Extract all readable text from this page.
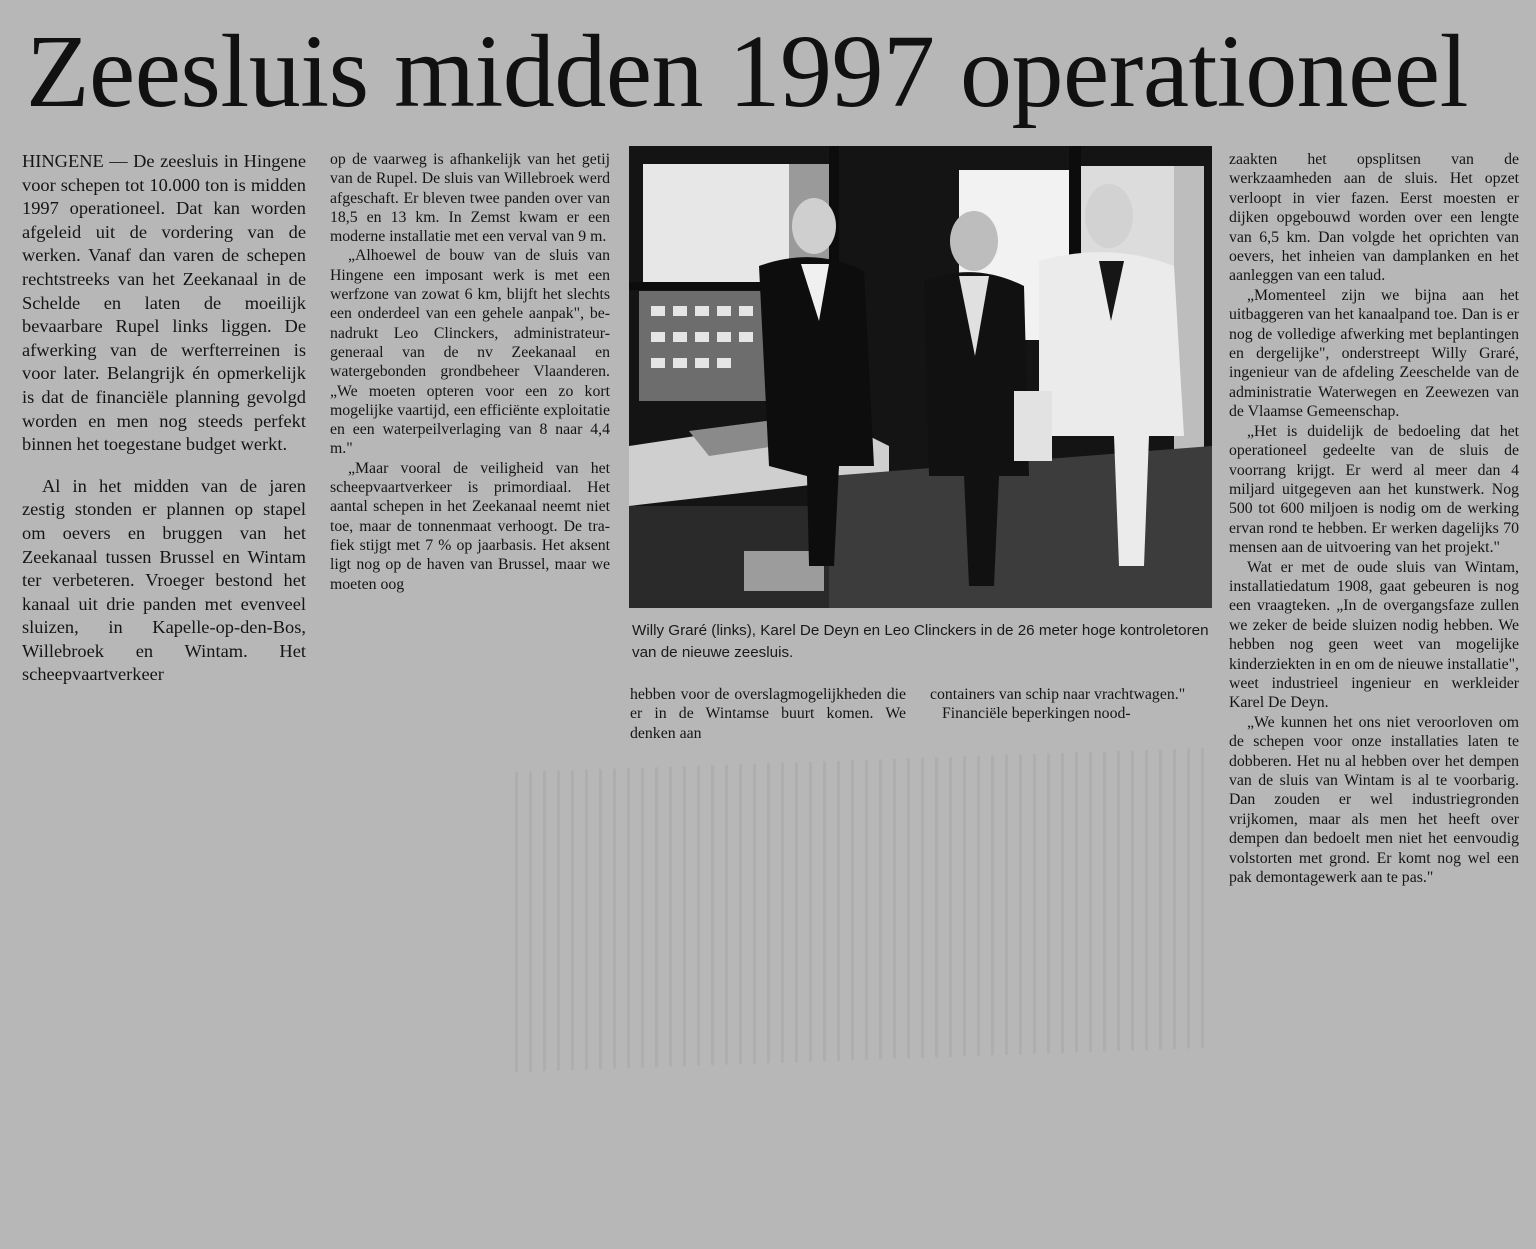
Zeesluis midden 1997 operationeel

HINGENE — De zeesluis in Hingene voor schepen tot 10.000 ton is midden 1997 operationeel. Dat kan worden afgeleid uit de vordering van de werken. Vanaf dan varen de schepen rechtstreeks van het Zeekanaal in de Schelde en laten de moeilijk bevaarbare Rupel links liggen. De afwerking van de werfterreinen is voor later. Belangrijk én opmerkelijk is dat de financiële planning gevolgd worden en men nog steeds perfekt binnen het toegestane budget werkt.

Al in het midden van de jaren zestig stonden er plannen op stapel om oevers en bruggen van het Zeekanaal tussen Brussel en Wintam ter verbeteren. Vroeger bestond het kanaal uit drie panden met evenveel sluizen, in Kapelle-op-den-Bos, Willebroek en Wintam. Het scheepvaartverkeer

op de vaarweg is afhankelijk van het getij van de Rupel. De sluis van Willebroek werd afgeschaft. Er bleven twee panden over van 18,5 en 13 km. In Zemst kwam er een moderne installatie met een verval van 9 m.

„Alhoewel de bouw van de sluis van Hingene een imposant werk is met een werfzone van zowat 6 km, blijft het slechts een onderdeel van een gehele aanpak", benadrukt Leo Clinckers, administrateur-generaal van de nv Zeekanaal en watergebonden grondbeheer Vlaanderen. „We moeten opteren voor een zo kort mogelijke vaartijd, een efficiënte exploitatie en een waterpeilverlaging van 8 naar 4,4 m."

„Maar vooral de veiligheid van het scheepvaartverkeer is primordiaal. Het aantal schepen in het Zeekanaal neemt niet toe, maar de tonnenmaat verhoogt. De trafiek stijgt met 7 % op jaarbasis. Het aksent ligt nog op de haven van Brussel, maar we moeten oog

Willy Graré (links), Karel De Deyn en Leo Clinckers in de 26 meter hoge kontroletoren van de nieuwe zeesluis.

hebben voor de overslagmogelijkheden die er in de Wintamse buurt komen. We denken aan

containers van schip naar vrachtwagen."
Financiële beperkingen nood-

zaakten het opsplitsen van de werkzaamheden aan de sluis. Het opzet verloopt in vier fazen. Eerst moesten er dijken opgebouwd worden over een lengte van 6,5 km. Dan volgde het oprichten van oevers, het inheien van damplanken en het aanleggen van een talud.

„Momenteel zijn we bijna aan het uitbaggeren van het kanaalpand toe. Dan is er nog de volledige afwerking met beplantingen en dergelijke", onderstreept Willy Graré, ingenieur van de afdeling Zeeschelde van de administratie Waterwegen en Zeewezen van de Vlaamse Gemeenschap.

„Het is duidelijk de bedoeling dat het operationeel gedeelte van de sluis de voorrang krijgt. Er werd al meer dan 4 miljard uitgegeven aan het kunstwerk. Nog 500 tot 600 miljoen is nodig om de werking ervan rond te hebben. Er werken dagelijks 70 mensen aan de uitvoering van het projekt."

Wat er met de oude sluis van Wintam, installatiedatum 1908, gaat gebeuren is nog een vraagteken. „In de overgangsfaze zullen we zeker de beide sluizen nodig hebben. We hebben nog geen weet van mogelijke kinderziekten in en om de nieuwe installatie", weet industrieel ingenieur en werkleider Karel De Deyn.

„We kunnen het ons niet veroorloven om de schepen voor onze installaties laten te dobberen. Het nu al hebben over het dempen van de sluis van Wintam is al te voorbarig. Dan zouden er wel industriegronden vrijkomen, maar als men het heeft over dempen dan bedoelt men niet het eenvoudig volstorten met grond. Er komt nog wel een pak demontagewerk aan te pas."
